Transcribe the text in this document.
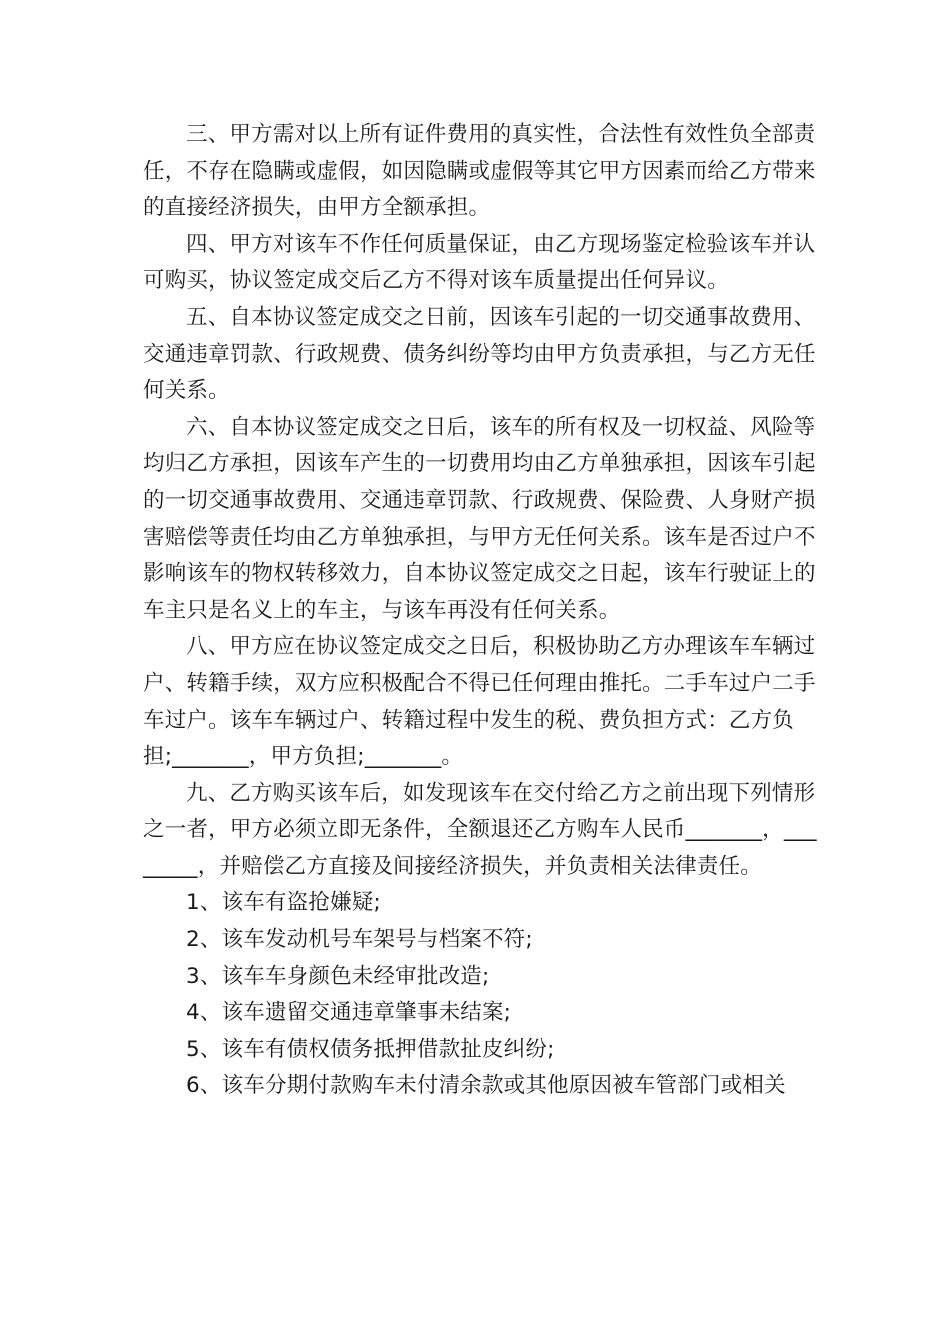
三、甲方需对以上所有证件费用的真实性，合法性有效性负全部责任，不存在隐瞒或虚假，如因隐瞒或虚假等其它甲方因素而给乙方带来的直接经济损失，由甲方全额承担。

四、甲方对该车不作任何质量保证，由乙方现场鉴定检验该车并认可购买，协议签定成交后乙方不得对该车质量提出任何异议。

五、自本协议签定成交之日前，因该车引起的一切交通事故费用、交通违章罚款、行政规费、债务纠纷等均由甲方负责承担，与乙方无任何关系。

六、自本协议签定成交之日后，该车的所有权及一切权益、风险等均归乙方承担，因该车产生的一切费用均由乙方单独承担，因该车引起的一切交通事故费用、交通违章罚款、行政规费、保险费、人身财产损害赔偿等责任均由乙方单独承担，与甲方无任何关系。该车是否过户不影响该车的物权转移效力，自本协议签定成交之日起，该车行驶证上的车主只是名义上的车主，与该车再没有任何关系。

八、甲方应在协议签定成交之日后，积极协助乙方办理该车车辆过户、转籍手续，双方应积极配合不得已任何理由推托。二手车过户二手车过户。该车车辆过户、转籍过程中发生的税、费负担方式：乙方负担;_______，甲方负担;_______。

九、乙方购买该车后，如发现该车在交付给乙方之前出现下列情形之一者，甲方必须立即无条件，全额退还乙方购车人民币_______，________，并赔偿乙方直接及间接经济损失，并负责相关法律责任。

1、该车有盗抢嫌疑;

2、该车发动机号车架号与档案不符;

3、该车车身颜色未经审批改造;

4、该车遗留交通违章肇事未结案;

5、该车有债权债务抵押借款扯皮纠纷;

6、该车分期付款购车未付清余款或其他原因被车管部门或相关
